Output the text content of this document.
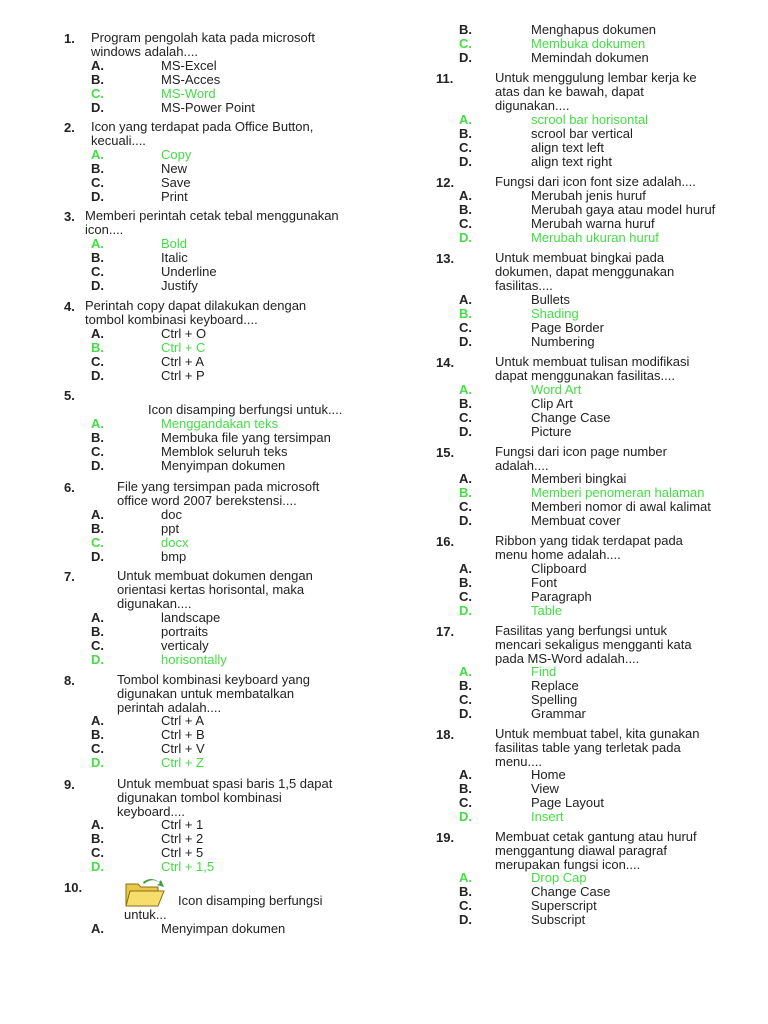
1. Program pengolah kata pada microsoft
windows adalah....
A.	MS-Excel
B.	MS-Acces
C.	MS-Word
D.	MS-Power Point
2. Icon yang terdapat pada Office Button,
kecuali....
A.	Copy
B.	New
C.	Save
D.	Print
3. Memberi perintah cetak tebal menggunakan
icon....
A.	Bold
B.	Italic
C.	Underline
D.	Justify
4. Perintah copy dapat dilakukan dengan
tombol kombinasi keyboard....
A.	Ctrl + O
B.	Ctrl + C
C.	Ctrl + A
D.	Ctrl + P
5.
Icon disamping berfungsi untuk....
A.	Menggandakan teks
B.	Membuka file yang tersimpan
C.	Memblok seluruh teks
D.	Menyimpan dokumen
6.	File yang tersimpan pada microsoft
office word 2007 berekstensi....
A.	doc
B.	ppt
C.	docx
D.	bmp
7.	Untuk membuat dokumen dengan
orientasi kertas horisontal, maka
digunakan....
A.	landscape
B.	portraits
C.	verticaly
D.	horisontally
8.	Tombol kombinasi keyboard yang
digunakan untuk membatalkan
perintah adalah....
A.	Ctrl + A
B.	Ctrl + B
C.	Ctrl + V
D.	Ctrl + Z
9.	Untuk membuat spasi baris 1,5 dapat
digunakan tombol kombinasi
keyboard....
A.	Ctrl + 1
B.	Ctrl + 2
C.	Ctrl + 5
D.	Ctrl + 1,5
10.
Icon disamping berfungsi
untuk...
A.	Menyimpan dokumen
B.	Menghapus dokumen
C.	Membuka dokumen
D.	Memindah dokumen
11.	Untuk menggulung lembar kerja ke
atas dan ke bawah, dapat
digunakan....
A.	scrool bar horisontal
B.	scrool bar vertical
C.	align text left
D.	align text right
12.	Fungsi dari icon font size adalah....
A.	Merubah jenis huruf
B.	Merubah gaya atau model huruf
C.	Merubah warna huruf
D.	Merubah ukuran huruf
13.	Untuk membuat bingkai pada
dokumen, dapat menggunakan
fasilitas....
A.	Bullets
B.	Shading
C.	Page Border
D.	Numbering
14.	Untuk membuat tulisan modifikasi
dapat menggunakan fasilitas....
A.	Word Art
B.	Clip Art
C.	Change Case
D.	Picture
15.	Fungsi dari icon page number
adalah....
A.	Memberi bingkai
B.	Memberi penomeran halaman
C.	Memberi nomor di awal kalimat
D.	Membuat cover
16.	Ribbon yang tidak terdapat pada
menu home adalah....
A.	Clipboard
B.	Font
C.	Paragraph
D.	Table
17.	Fasilitas yang berfungsi untuk
mencari sekaligus mengganti kata
pada MS-Word adalah....
A.	Find
B.	Replace
C.	Spelling
D.	Grammar
18.	Untuk membuat tabel, kita gunakan
fasilitas table yang terletak pada
menu....
A.	Home
B.	View
C.	Page Layout
D.	Insert
19.	Membuat cetak gantung atau huruf
menggantung diawal paragraf
merupakan fungsi icon....
A.	Drop Cap
B.	Change Case
C.	Superscript
D.	Subscript
